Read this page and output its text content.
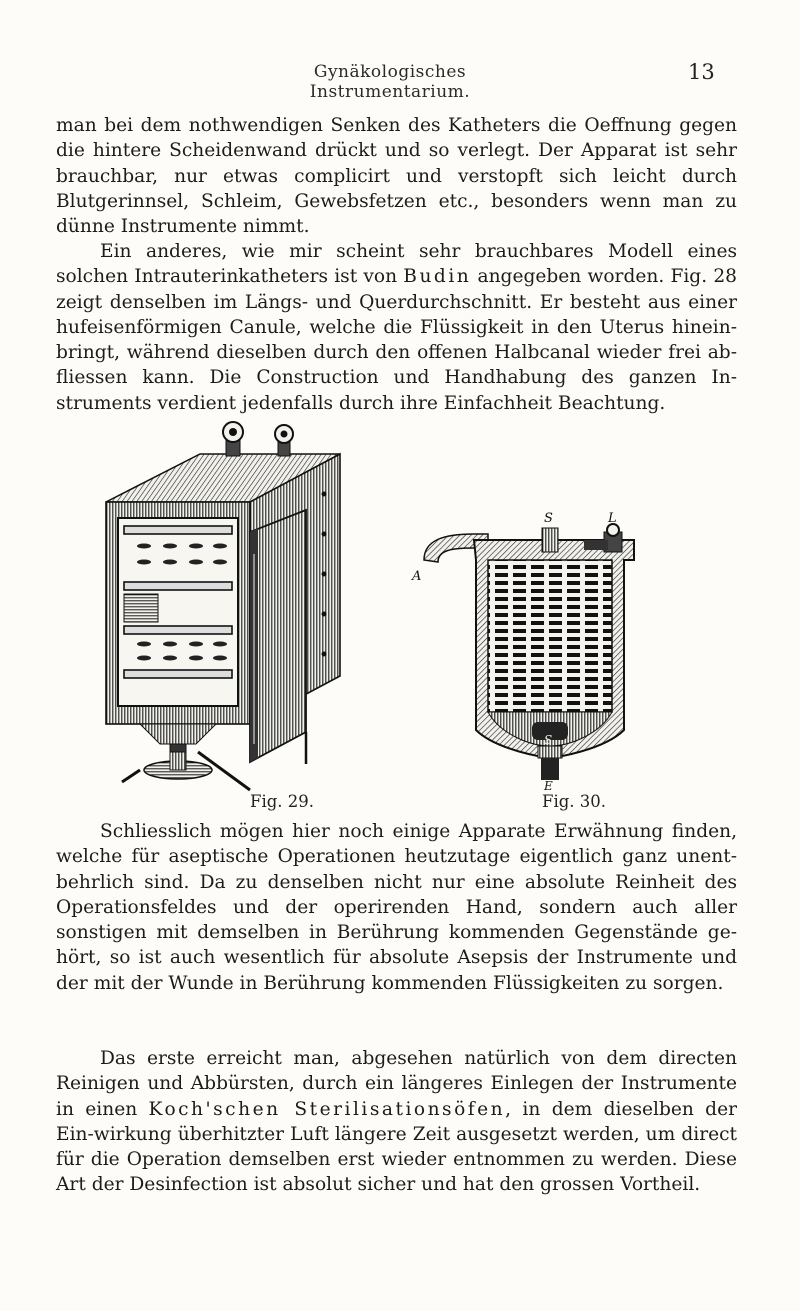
Gynäkologisches Instrumentarium.
13

man bei dem nothwendigen Senken des Katheters die Oeffnung gegen die hintere Scheidenwand drückt und so verlegt. Der Apparat ist sehr brauchbar, nur etwas complicirt und verstopft sich leicht durch Blutgerinnsel, Schleim, Gewebsfetzen etc., besonders wenn man zu dünne Instrumente nimmt.

Ein anderes, wie mir scheint sehr brauchbares Modell eines solchen Intrauterinkatheters ist von Budin angegeben worden. Fig. 28 zeigt denselben im Längs- und Querdurchschnitt. Er besteht aus einer hufeisenförmigen Canule, welche die Flüssigkeit in den Uterus hinein-bringt, während dieselben durch den offenen Halbcanal wieder frei ab-fliessen kann. Die Construction und Handhabung des ganzen In-struments verdient jedenfalls durch ihre Einfachheit Beachtung.

A
S	L
S
E
Fig. 29.	Fig. 30.

Schliesslich mögen hier noch einige Apparate Erwähnung finden, welche für aseptische Operationen heutzutage eigentlich ganz unent-behrlich sind. Da zu denselben nicht nur eine absolute Reinheit des Operationsfeldes und der operirenden Hand, sondern auch aller sonstigen mit demselben in Berührung kommenden Gegenstände ge-hört, so ist auch wesentlich für absolute Asepsis der Instrumente und der mit der Wunde in Berührung kommenden Flüssigkeiten zu sorgen.

Das erste erreicht man, abgesehen natürlich von dem directen Reinigen und Abbürsten, durch ein längeres Einlegen der Instrumente in einen Koch'schen Sterilisationsöfen, in dem dieselben der Ein-wirkung überhitzter Luft längere Zeit ausgesetzt werden, um direct für die Operation demselben erst wieder entnommen zu werden. Diese Art der Desinfection ist absolut sicher und hat den grossen Vortheil.
